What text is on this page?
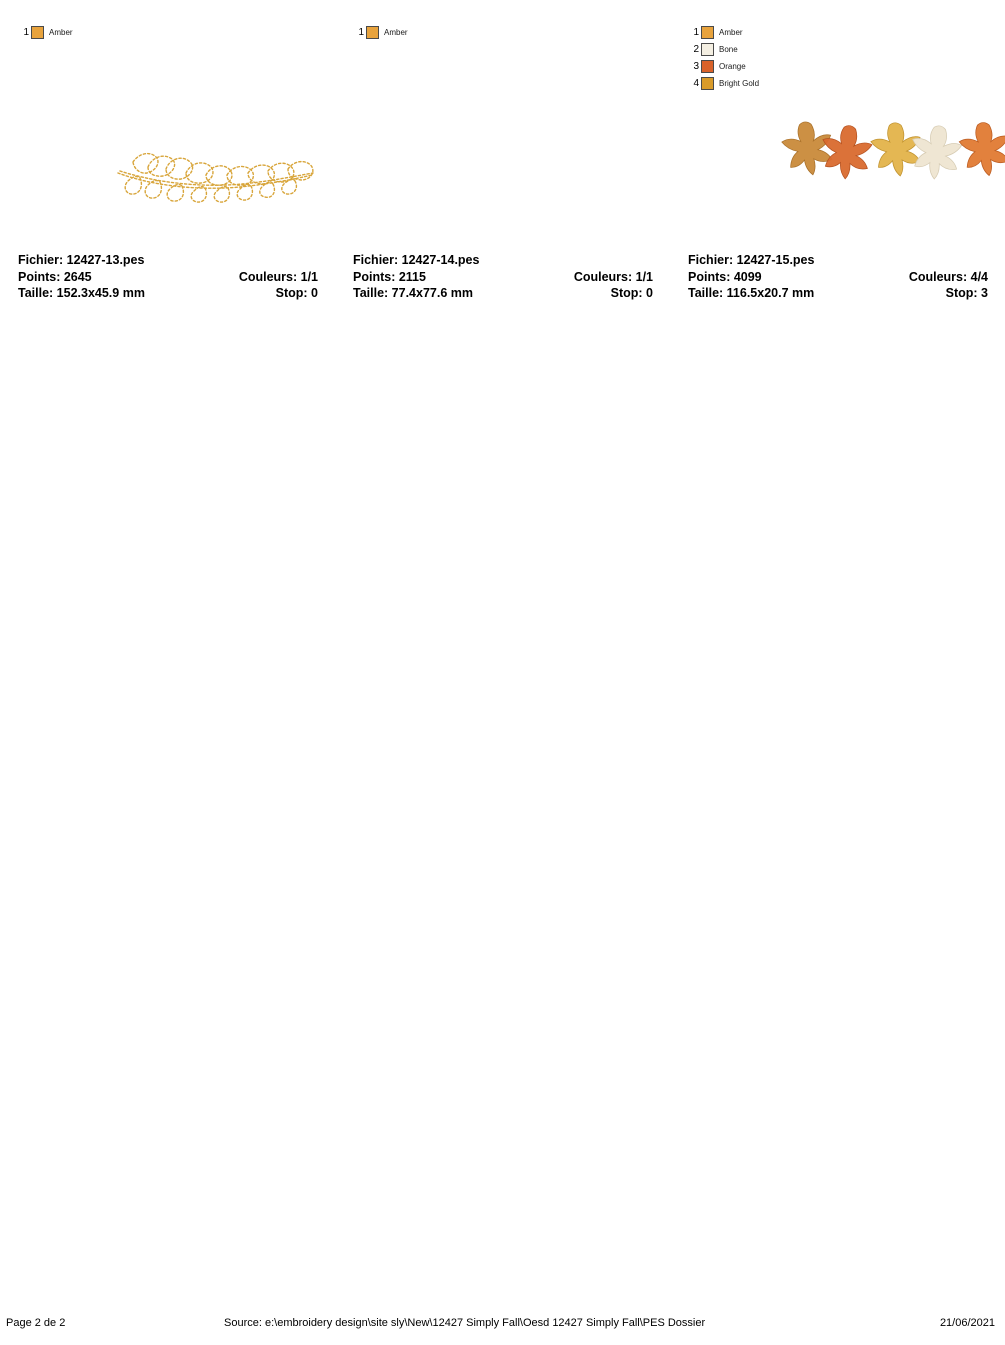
1	Amber
Fichier: 12427-13.pes
Points: 2645	Couleurs: 1/1
Taille: 152.3x45.9 mm	Stop: 0
1	Amber
Fichier: 12427-14.pes
Points: 2115	Couleurs: 1/1
Taille: 77.4x77.6 mm	Stop: 0
1	Amber
2	Bone
3	Orange
4	Bright Gold
Fichier: 12427-15.pes
Points: 4099	Couleurs: 4/4
Taille: 116.5x20.7 mm	Stop: 3
Page 2 de 2	Source: e:\embroidery design\site sly\New\12427 Simply Fall\Oesd 12427 Simply Fall\PES Dossier	21/06/2021
